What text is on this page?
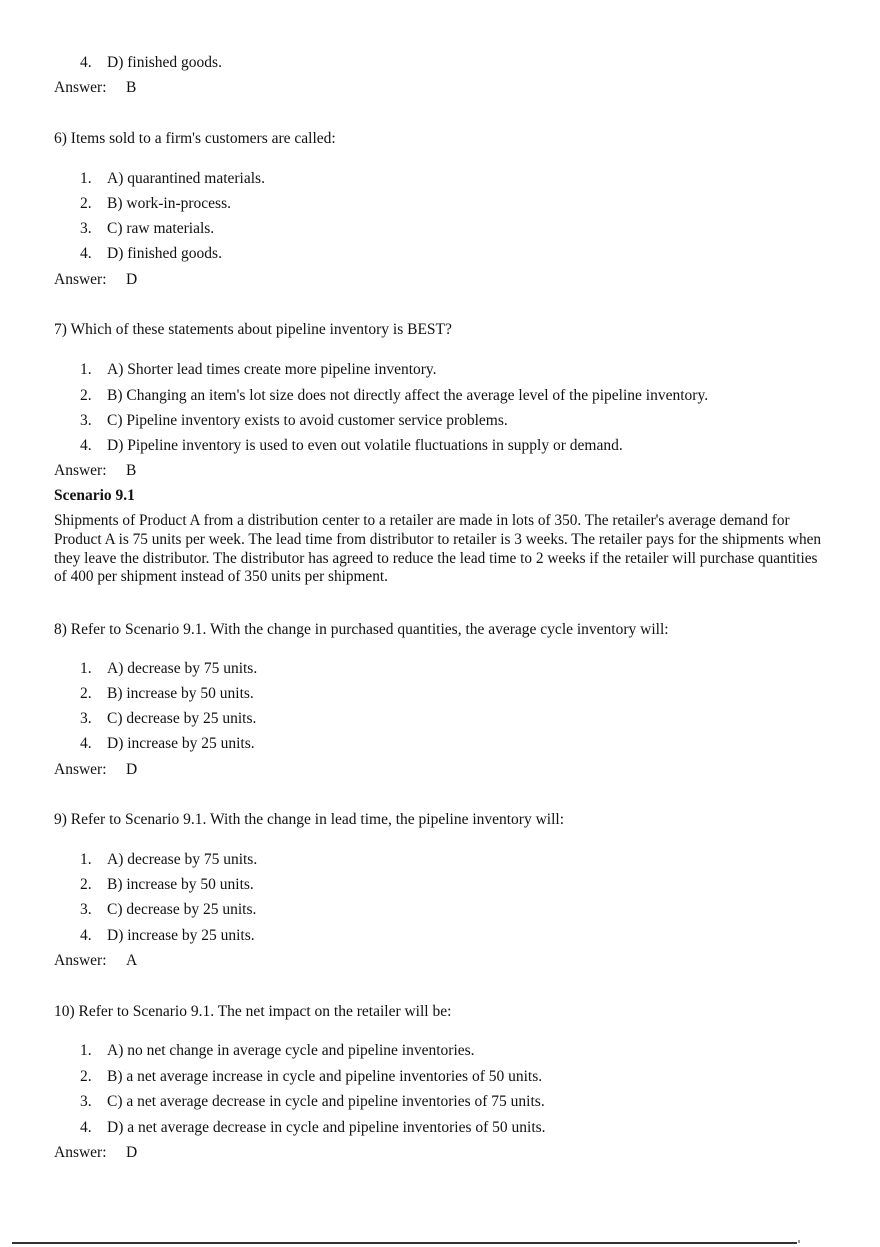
4. D) finished goods.
Answer: B
6) Items sold to a firm's customers are called:
1. A) quarantined materials.
2. B) work-in-process.
3. C) raw materials.
4. D) finished goods.
Answer: D
7) Which of these statements about pipeline inventory is BEST?
1. A) Shorter lead times create more pipeline inventory.
2. B) Changing an item's lot size does not directly affect the average level of the pipeline inventory.
3. C) Pipeline inventory exists to avoid customer service problems.
4. D) Pipeline inventory is used to even out volatile fluctuations in supply or demand.
Answer: B
Scenario 9.1
Shipments of Product A from a distribution center to a retailer are made in lots of 350. The retailer's average demand for Product A is 75 units per week. The lead time from distributor to retailer is 3 weeks. The retailer pays for the shipments when they leave the distributor. The distributor has agreed to reduce the lead time to 2 weeks if the retailer will purchase quantities of 400 per shipment instead of 350 units per shipment.
8) Refer to Scenario 9.1. With the change in purchased quantities, the average cycle inventory will:
1. A) decrease by 75 units.
2. B) increase by 50 units.
3. C) decrease by 25 units.
4. D) increase by 25 units.
Answer: D
9) Refer to Scenario 9.1. With the change in lead time, the pipeline inventory will:
1. A) decrease by 75 units.
2. B) increase by 50 units.
3. C) decrease by 25 units.
4. D) increase by 25 units.
Answer: A
10) Refer to Scenario 9.1. The net impact on the retailer will be:
1. A) no net change in average cycle and pipeline inventories.
2. B) a net average increase in cycle and pipeline inventories of 50 units.
3. C) a net average decrease in cycle and pipeline inventories of 75 units.
4. D) a net average decrease in cycle and pipeline inventories of 50 units.
Answer: D
